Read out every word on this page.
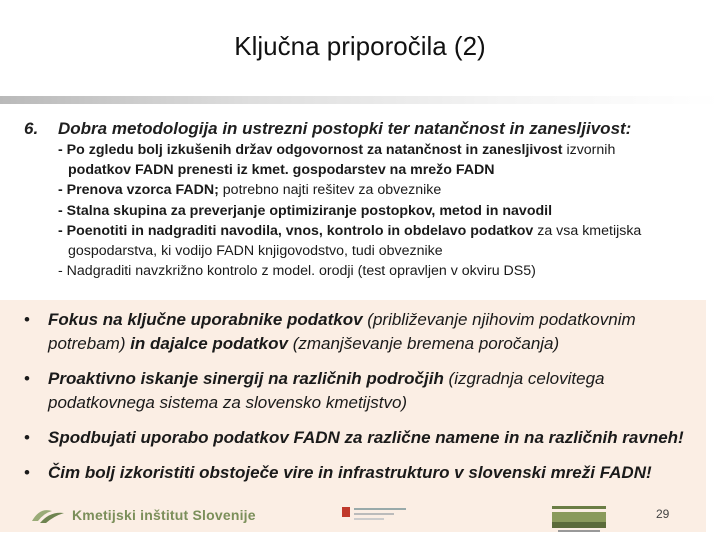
Ključna priporočila (2)
6. Dobra metodologija in ustrezni postopki ter natančnost in zanesljivost:
- Po zgledu bolj izkušenih držav odgovornost za natančnost in zanesljivost izvornih
podatkov FADN prenesti iz kmet. gospodarstev na mrežo FADN
- Prenova vzorca FADN; potrebno najti rešitev za obveznike
- Stalna skupina za preverjanje optimiziranje postopkov, metod in navodil
- Poenotiti in nadgraditi navodila, vnos, kontrolo in obdelavo podatkov za vsa kmetijska
gospodarstva, ki vodijo FADN knjigovodstvo, tudi obveznike
- Nadgraditi navzkrižno kontrolo z model. orodji (test opravljen v okviru DS5)
• Fokus na ključne uporabnike podatkov (približevanje njihovim podatkovnim potrebam) in dajalce podatkov (zmanjševanje bremena poročanja)
• Proaktivno iskanje sinergij na različnih področjih (izgradnja celovitega podatkovnega sistema za slovensko kmetijstvo)
• Spodbujati uporabo podatkov FADN za različne namene in na različnih ravneh!
• Čim bolj izkoristiti obstoječe vire in infrastrukturo v slovenski mreži FADN!
Kmetijski inštitut Slovenije	29
